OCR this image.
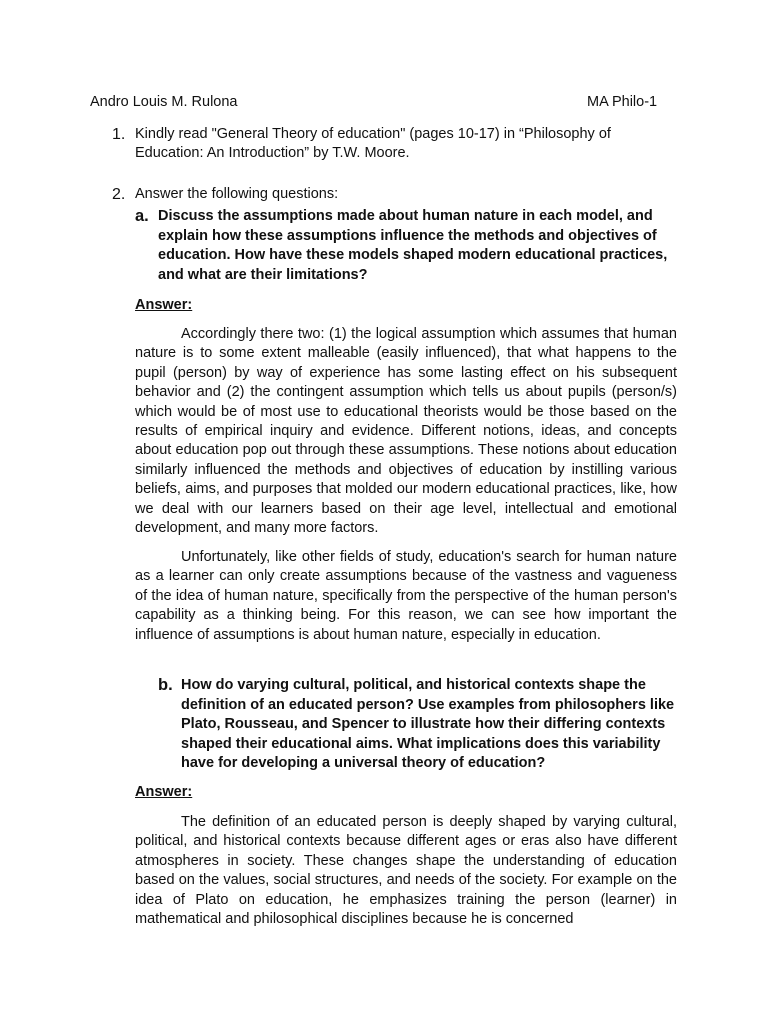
Andro Louis M. Rulona	MA Philo-1
1. Kindly read "General Theory of education" (pages 10-17) in “Philosophy of Education: An Introduction” by T.W. Moore.
2. Answer the following questions:
a. Discuss the assumptions made about human nature in each model, and explain how these assumptions influence the methods and objectives of education. How have these models shaped modern educational practices, and what are their limitations?
Answer:

Accordingly there two: (1) the logical assumption which assumes that human nature is to some extent malleable (easily influenced), that what happens to the pupil (person) by way of experience has some lasting effect on his subsequent behavior and (2) the contingent assumption which tells us about pupils (person/s) which would be of most use to educational theorists would be those based on the results of empirical inquiry and evidence. Different notions, ideas, and concepts about education pop out through these assumptions. These notions about education similarly influenced the methods and objectives of education by instilling various beliefs, aims, and purposes that molded our modern educational practices, like, how we deal with our learners based on their age level, intellectual and emotional development, and many more factors.

Unfortunately, like other fields of study, education's search for human nature as a learner can only create assumptions because of the vastness and vagueness of the idea of human nature, specifically from the perspective of the human person's capability as a thinking being. For this reason, we can see how important the influence of assumptions is about human nature, especially in education.

b. How do varying cultural, political, and historical contexts shape the definition of an educated person? Use examples from philosophers like Plato, Rousseau, and Spencer to illustrate how their differing contexts shaped their educational aims. What implications does this variability have for developing a universal theory of education?
Answer:

The definition of an educated person is deeply shaped by varying cultural, political, and historical contexts because different ages or eras also have different atmospheres in society. These changes shape the understanding of education based on the values, social structures, and needs of the society. For example on the idea of Plato on education, he emphasizes training the person (learner) in mathematical and philosophical disciplines because he is concerned
